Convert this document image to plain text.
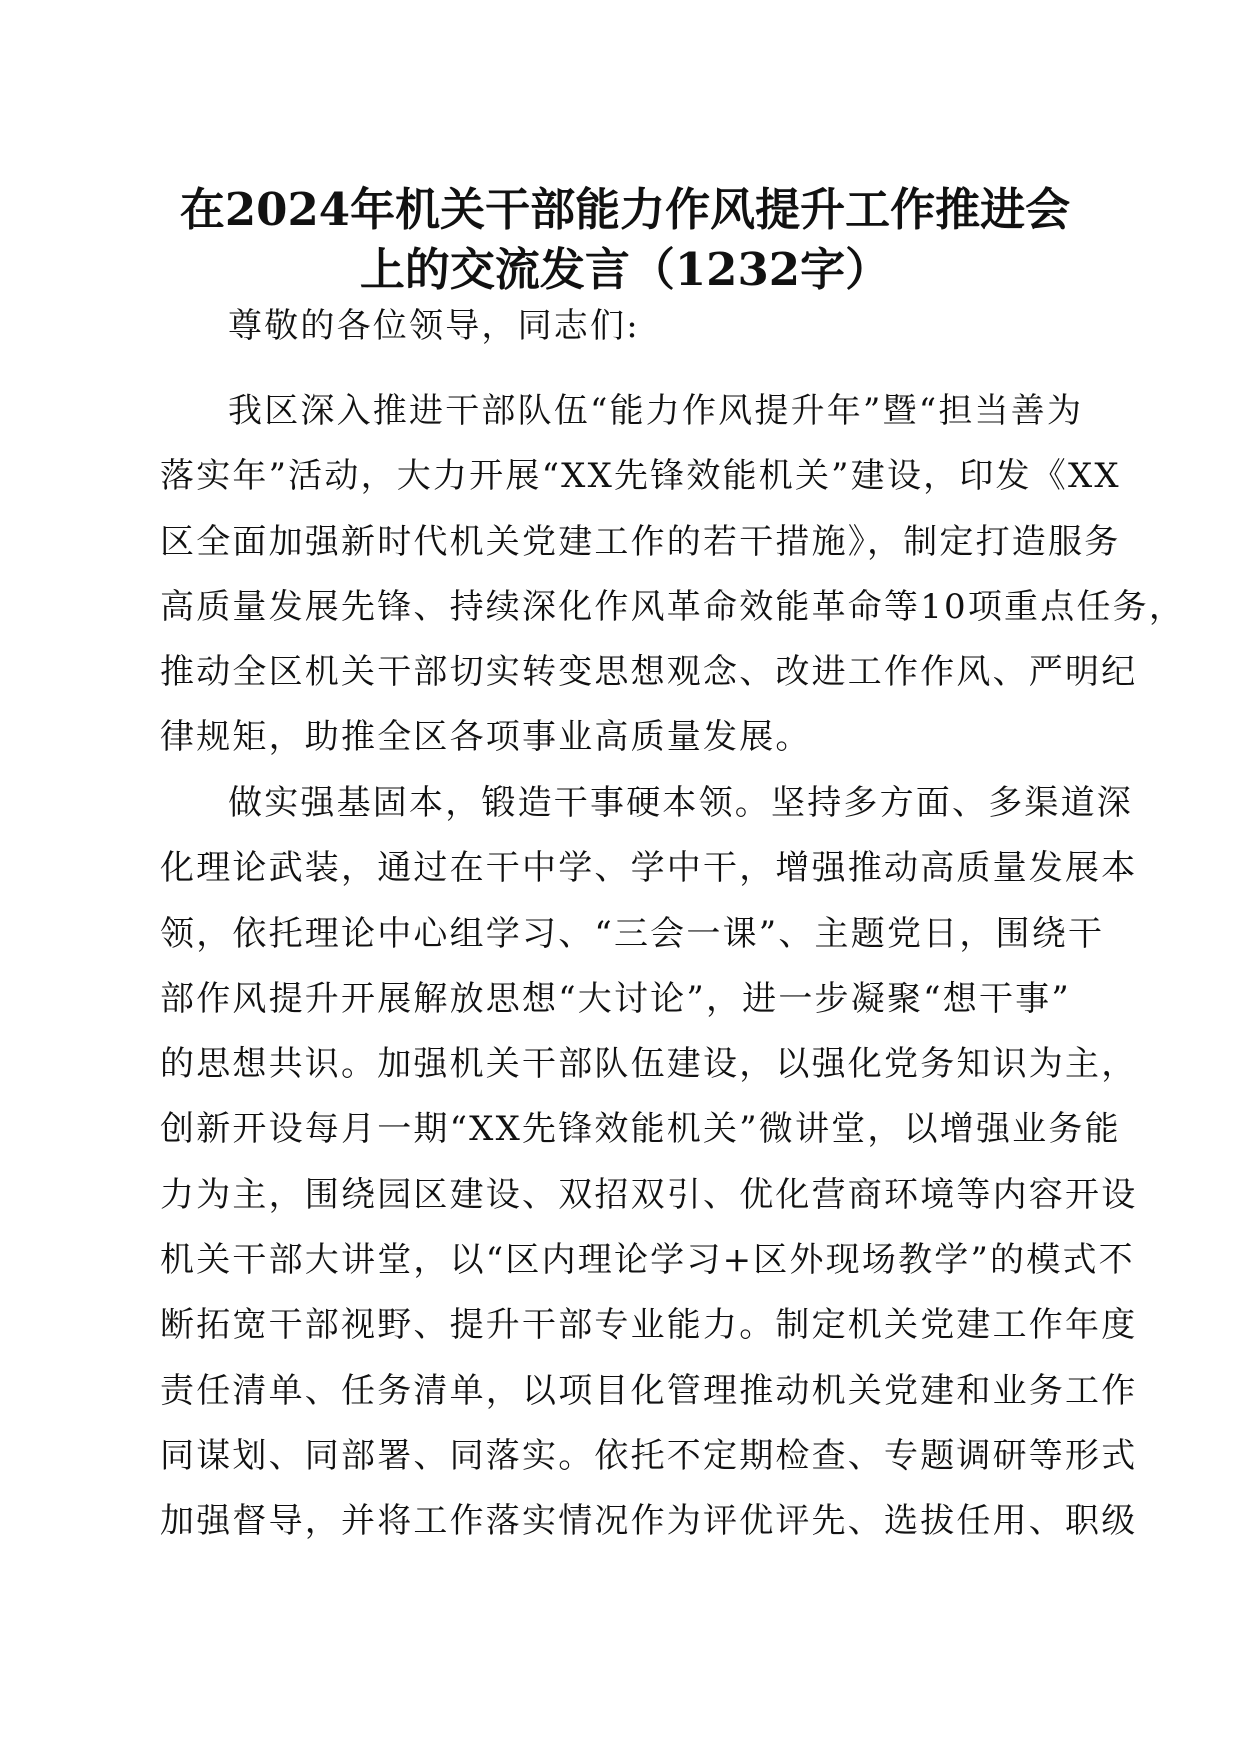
在2024年机关干部能力作风提升工作推进会
上的交流发言（1232字）

尊敬的各位领导，同志们:

我区深入推进干部队伍“能力作风提升年”暨“担当善为
落实年”活动，大力开展“XX先锋效能机关”建设，印发《XX
区全面加强新时代机关党建工作的若干措施》，制定打造服务
高质量发展先锋、持续深化作风革命效能革命等10项重点任务，
推动全区机关干部切实转变思想观念、改进工作作风、严明纪
律规矩，助推全区各项事业高质量发展。
做实强基固本，锻造干事硬本领。坚持多方面、多渠道深
化理论武装，通过在干中学、学中干，增强推动高质量发展本
领，依托理论中心组学习、“三会一课”、主题党日，围绕干
部作风提升开展解放思想“大讨论”，进一步凝聚“想干事”
的思想共识。加强机关干部队伍建设，以强化党务知识为主，
创新开设每月一期“XX先锋效能机关”微讲堂，以增强业务能
力为主，围绕园区建设、双招双引、优化营商环境等内容开设
机关干部大讲堂，以“区内理论学习+区外现场教学”的模式不
断拓宽干部视野、提升干部专业能力。制定机关党建工作年度
责任清单、任务清单，以项目化管理推动机关党建和业务工作
同谋划、同部署、同落实。依托不定期检查、专题调研等形式
加强督导，并将工作落实情况作为评优评先、选拔任用、职级
